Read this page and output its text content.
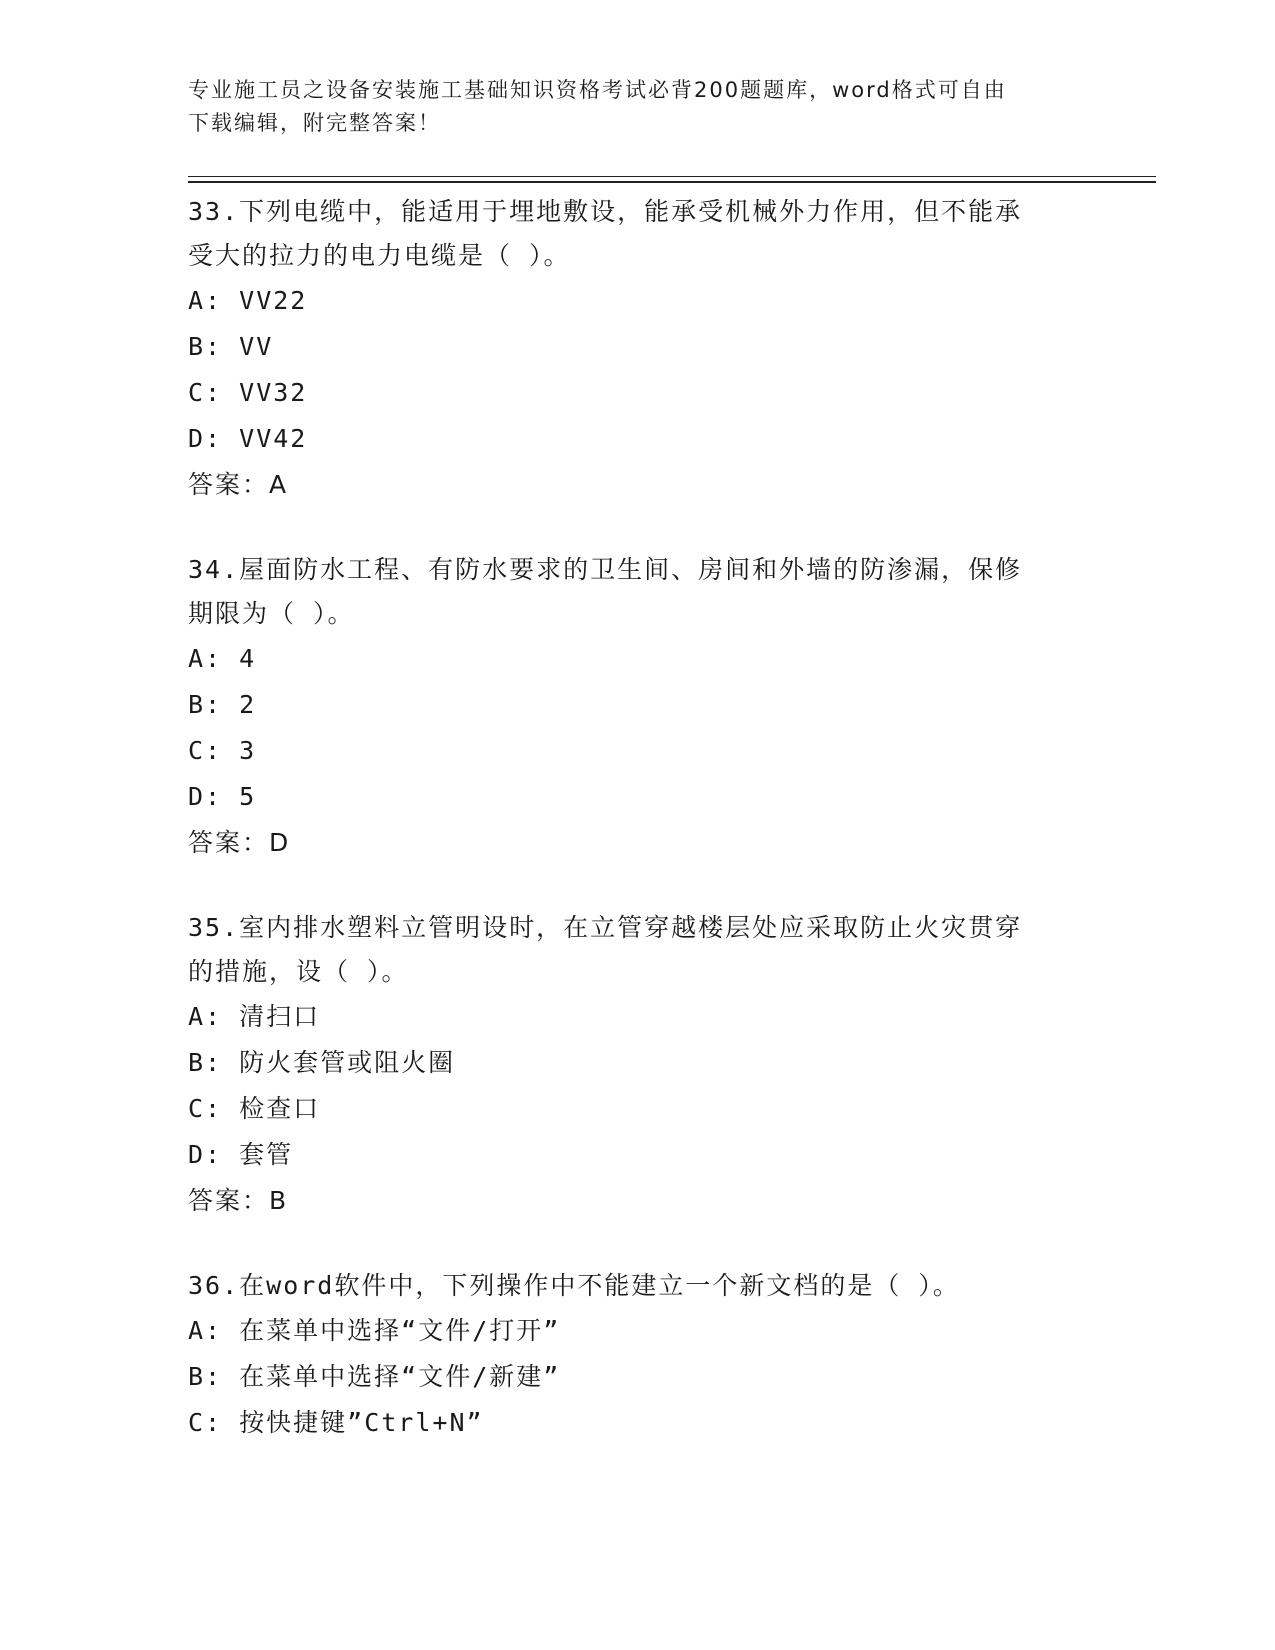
专业施工员之设备安装施工基础知识资格考试必背200题题库，word格式可自由
下载编辑，附完整答案！
33.下列电缆中，能适用于埋地敷设，能承受机械外力作用，但不能承
受大的拉力的电力电缆是（ ）。
A: VV22
B: VV
C: VV32
D: VV42
答案：A
34.屋面防水工程、有防水要求的卫生间、房间和外墙的防渗漏，保修
期限为（ ）。
A: 4
B: 2
C: 3
D: 5
答案：D
35.室内排水塑料立管明设时，在立管穿越楼层处应采取防止火灾贯穿
的措施，设（ ）。
A: 清扫口
B: 防火套管或阻火圈
C: 检查口
D: 套管
答案：B
36.在word软件中，下列操作中不能建立一个新文档的是（ ）。
A: 在菜单中选择“文件/打开”
B: 在菜单中选择“文件/新建”
C: 按快捷键”Ctrl+N”
